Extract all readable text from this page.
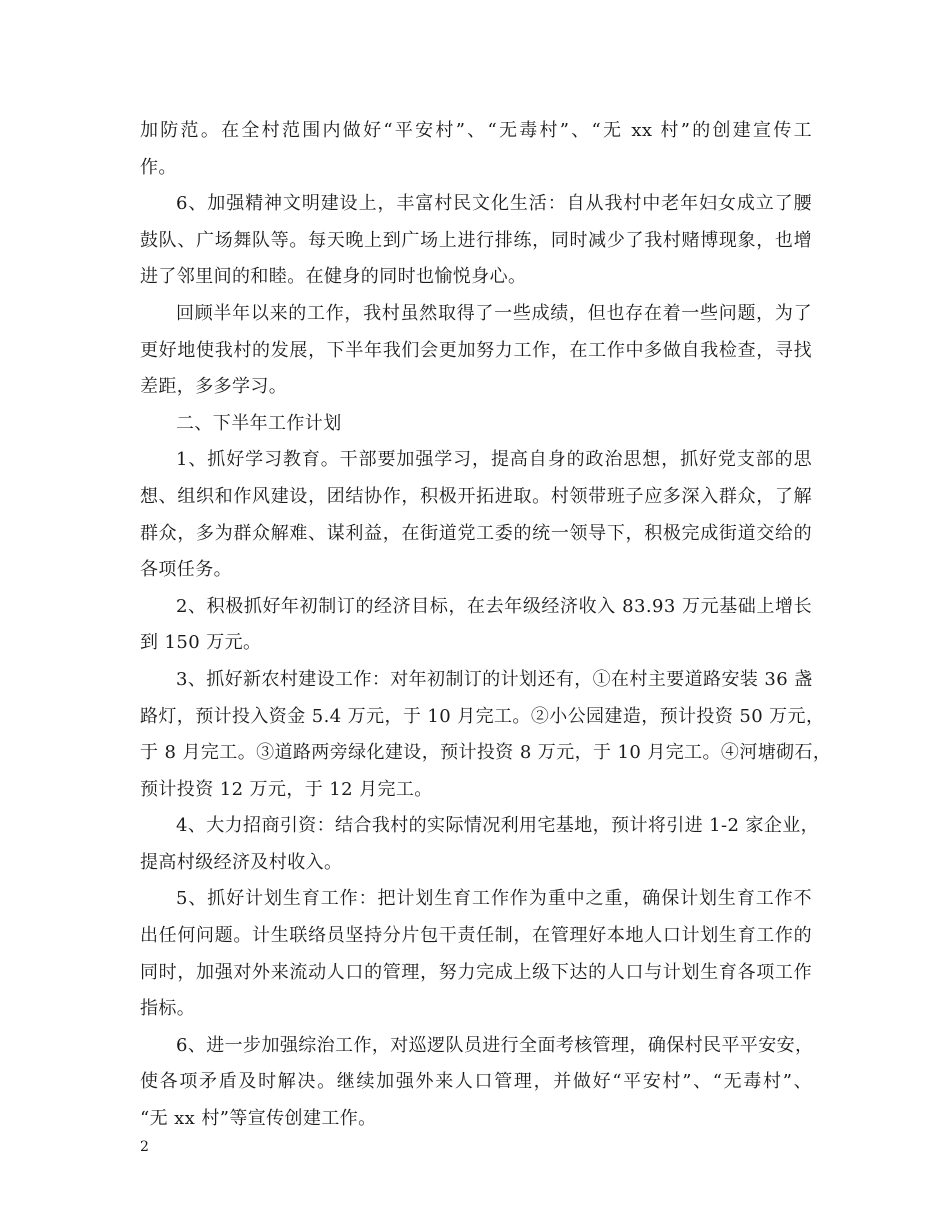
加防范。在全村范围内做好“平安村”、“无毒村”、“无 xx 村”的创建宣传工
作。
6、加强精神文明建设上，丰富村民文化生活：自从我村中老年妇女成立了腰
鼓队、广场舞队等。每天晚上到广场上进行排练，同时减少了我村赌博现象，也增
进了邻里间的和睦。在健身的同时也愉悦身心。
回顾半年以来的工作，我村虽然取得了一些成绩，但也存在着一些问题，为了
更好地使我村的发展，下半年我们会更加努力工作，在工作中多做自我检查，寻找
差距，多多学习。
二、下半年工作计划
1、抓好学习教育。干部要加强学习，提高自身的政治思想，抓好党支部的思
想、组织和作风建设，团结协作，积极开拓进取。村领带班子应多深入群众，了解
群众，多为群众解难、谋利益，在街道党工委的统一领导下，积极完成街道交给的
各项任务。
2、积极抓好年初制订的经济目标，在去年级经济收入 83.93 万元基础上增长
到 150 万元。
3、抓好新农村建设工作：对年初制订的计划还有，①在村主要道路安装 36 盏
路灯，预计投入资金 5.4 万元，于 10 月完工。②小公园建造，预计投资 50 万元，
于 8 月完工。③道路两旁绿化建设，预计投资 8 万元，于 10 月完工。④河塘砌石，
预计投资 12 万元，于 12 月完工。
4、大力招商引资：结合我村的实际情况利用宅基地，预计将引进 1-2 家企业，
提高村级经济及村收入。
5、抓好计划生育工作：把计划生育工作作为重中之重，确保计划生育工作不
出任何问题。计生联络员坚持分片包干责任制，在管理好本地人口计划生育工作的
同时，加强对外来流动人口的管理，努力完成上级下达的人口与计划生育各项工作
指标。
6、进一步加强综治工作，对巡逻队员进行全面考核管理，确保村民平平安安，
使各项矛盾及时解决。继续加强外来人口管理，并做好“平安村”、“无毒村”、
“无 xx 村”等宣传创建工作。
2
